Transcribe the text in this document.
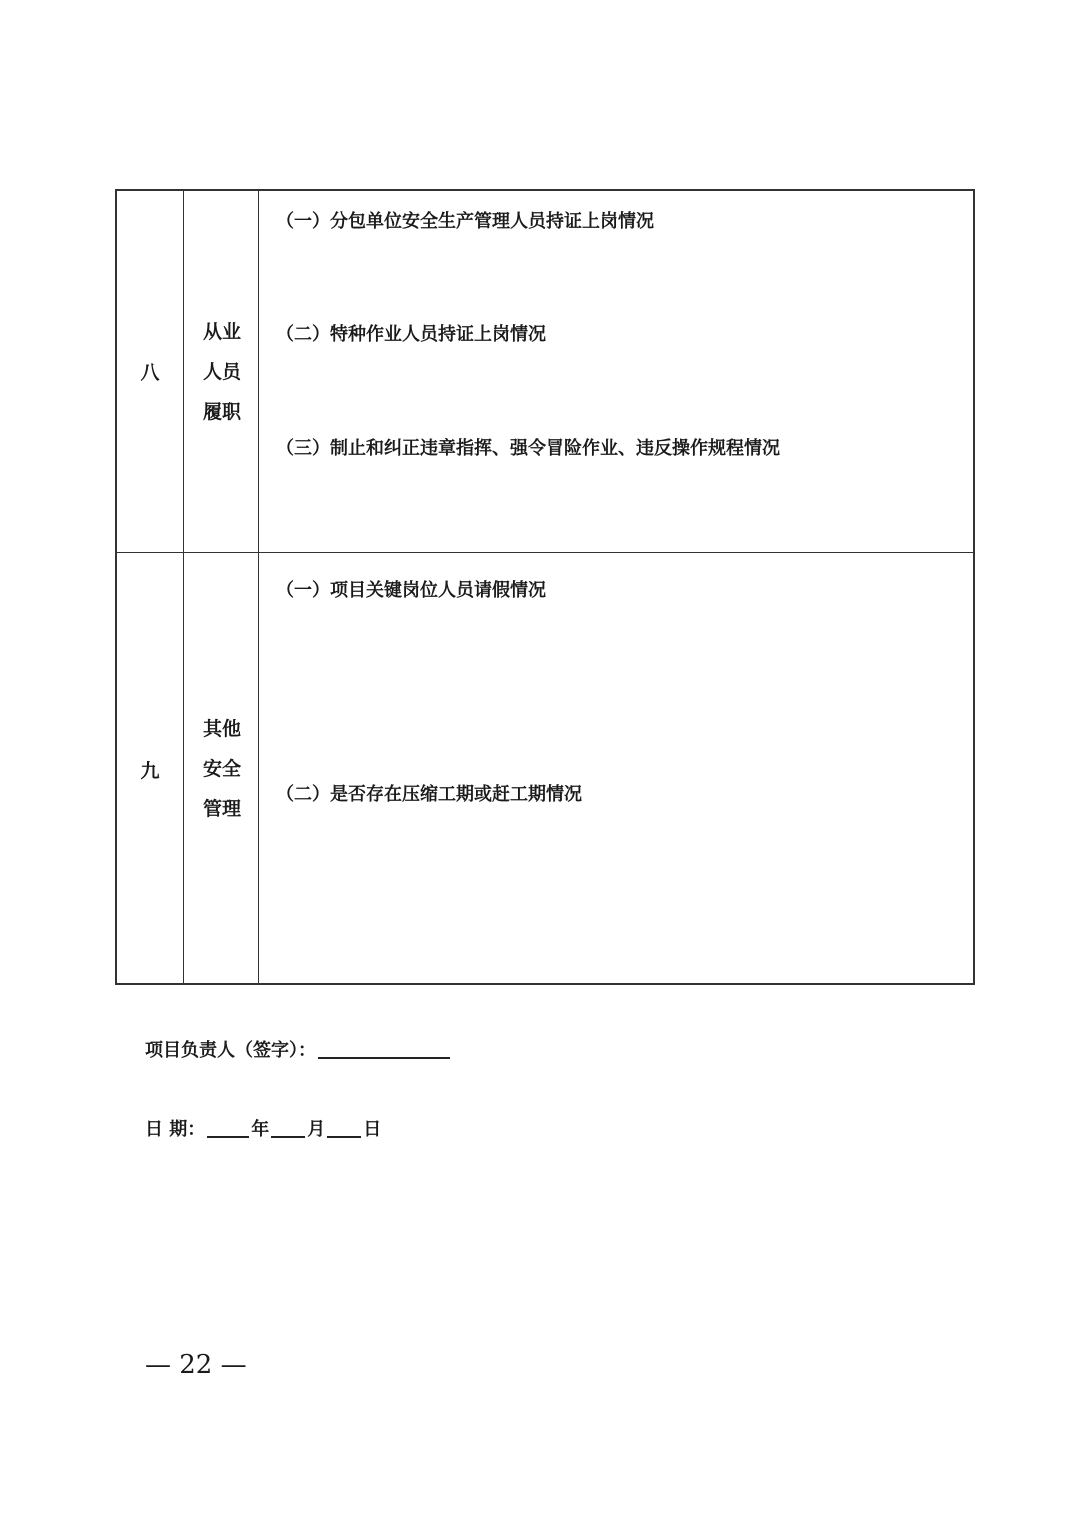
八
从业人员履职
（一）分包单位安全生产管理人员持证上岗情况
（二）特种作业人员持证上岗情况
（三）制止和纠正违章指挥、强令冒险作业、违反操作规程情况
九
其他安全管理
（一）项目关键岗位人员请假情况
（二）是否存在压缩工期或赶工期情况
项目负责人（签字）：
日 期：	年 月 日
— 22 —
